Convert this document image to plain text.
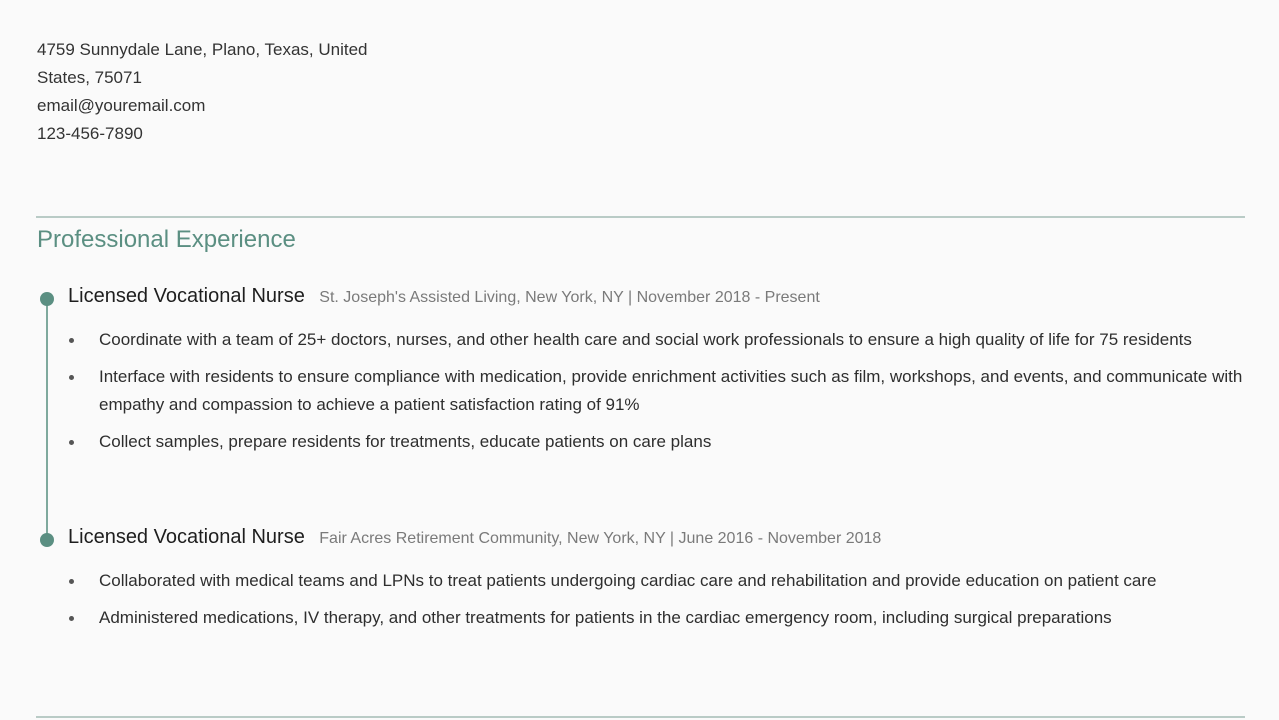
4759 Sunnydale Lane, Plano, Texas, United
States, 75071
email@youremail.com
123-456-7890
Professional Experience
Licensed Vocational Nurse St. Joseph's Assisted Living, New York, NY | November 2018 - Present
Coordinate with a team of 25+ doctors, nurses, and other health care and social work professionals to ensure a high quality of life for 75 residents
Interface with residents to ensure compliance with medication, provide enrichment activities such as film, workshops, and events, and communicate with empathy and compassion to achieve a patient satisfaction rating of 91%
Collect samples, prepare residents for treatments, educate patients on care plans
Licensed Vocational Nurse Fair Acres Retirement Community, New York, NY | June 2016 - November 2018
Collaborated with medical teams and LPNs to treat patients undergoing cardiac care and rehabilitation and provide education on patient care
Administered medications, IV therapy, and other treatments for patients in the cardiac emergency room, including surgical preparations
